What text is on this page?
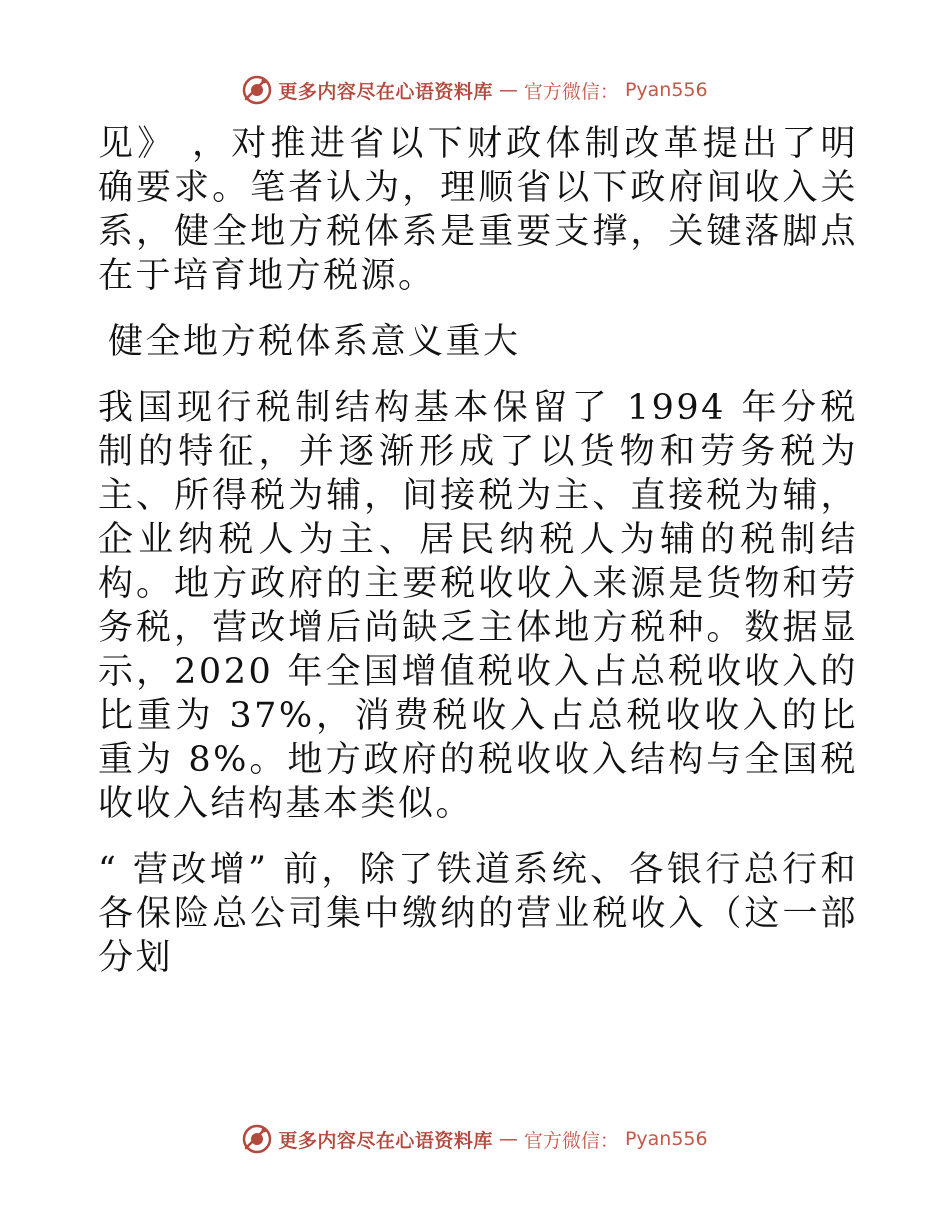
更多内容尽在心语资料库 — 官方微信： Pyan556

见》 ，对推进省以下财政体制改革提出了明确要求。笔者认为，理顺省以下政府间收入关系，健全地方税体系是重要支撑，关键落脚点在于培育地方税源。

健全地方税体系意义重大

我国现行税制结构基本保留了 1994 年分税制的特征，并逐渐形成了以货物和劳务税为主、所得税为辅，间接税为主、直接税为辅，企业纳税人为主、居民纳税人为辅的税制结构。地方政府的主要税收收入来源是货物和劳务税，营改增后尚缺乏主体地方税种。数据显示，2020 年全国增值税收入占总税收收入的比重为 37%，消费税收入占总税收收入的比重为 8%。地方政府的税收收入结构与全国税收收入结构基本类似。

“ 营改增” 前，除了铁道系统、各银行总行和各保险总公司集中缴纳的营业税收入（这一部分划

更多内容尽在心语资料库 — 官方微信： Pyan556
